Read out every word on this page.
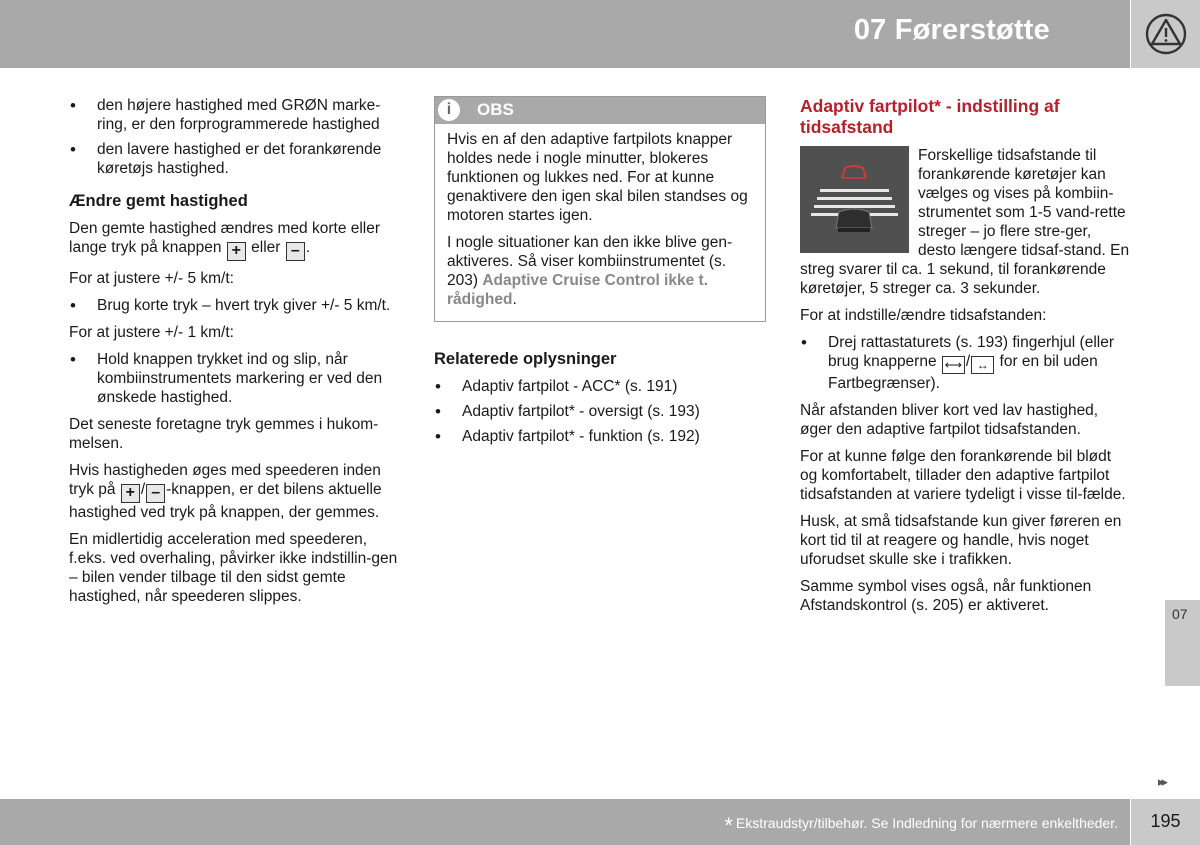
07 Førerstøtte
• den højere hastighed med GRØN marke-ring, er den forprogrammerede hastighed
• den lavere hastighed er det forankørende køretøjs hastighed.

Ændre gemt hastighed

Den gemte hastighed ændres med korte eller lange tryk på knappen + eller – .

For at justere +/- 5 km/t:

• Brug korte tryk – hvert tryk giver +/- 5 km/t.

For at justere +/- 1 km/t:

• Hold knappen trykket ind og slip, når kombiinstrumentets markering er ved den ønskede hastighed.

Det seneste foretagne tryk gemmes i hukom-melsen.

Hvis hastigheden øges med speederen inden tryk på + / – -knappen, er det bilens aktuelle hastighed ved tryk på knappen, der gemmes.

En midlertidig acceleration med speederen, f.eks. ved overhaling, påvirker ikke indstillin-gen – bilen vender tilbage til den sidst gemte hastighed, når speederen slippes.

i	OBS

Hvis en af den adaptive fartpilots knapper holdes nede i nogle minutter, blokeres funktionen og lukkes ned. For at kunne genaktivere den igen skal bilen standses og motoren startes igen.

I nogle situationer kan den ikke blive gen-aktiveres. Så viser kombiinstrumentet (s. 203) Adaptive Cruise Control ikke t. rådighed.

Relaterede oplysninger

• Adaptiv fartpilot - ACC* (s. 191)
• Adaptiv fartpilot* - oversigt (s. 193)
• Adaptiv fartpilot* - funktion (s. 192)

Adaptiv fartpilot* - indstilling af tidsafstand

Forskellige tidsafstande til forankørende køretøjer kan vælges og vises på kombiin-strumentet som 1-5 vand-rette streger – jo flere stre-ger, desto længere tidsaf-stand. En streg svarer til ca. 1 sekund, til forankørende køretøjer, 5 streger ca. 3 sekunder.

For at indstille/ændre tidsafstanden:

• Drej rattastaturets (s. 193) fingerhjul (eller brug knapperne ⟷ / ↔ for en bil uden Fartbegrænser).

Når afstanden bliver kort ved lav hastighed, øger den adaptive fartpilot tidsafstanden.

For at kunne følge den forankørende bil blødt og komfortabelt, tillader den adaptive fartpilot tidsafstanden at variere tydeligt i visse til-fælde.

Husk, at små tidsafstande kun giver føreren en kort tid til at reagere og handle, hvis noget uforudset skulle ske i trafikken.

Samme symbol vises også, når funktionen Afstandskontrol (s. 205) er aktiveret.	07
▸▸
* Ekstraudstyr/tilbehør. Se Indledning for nærmere enkeltheder.	195
